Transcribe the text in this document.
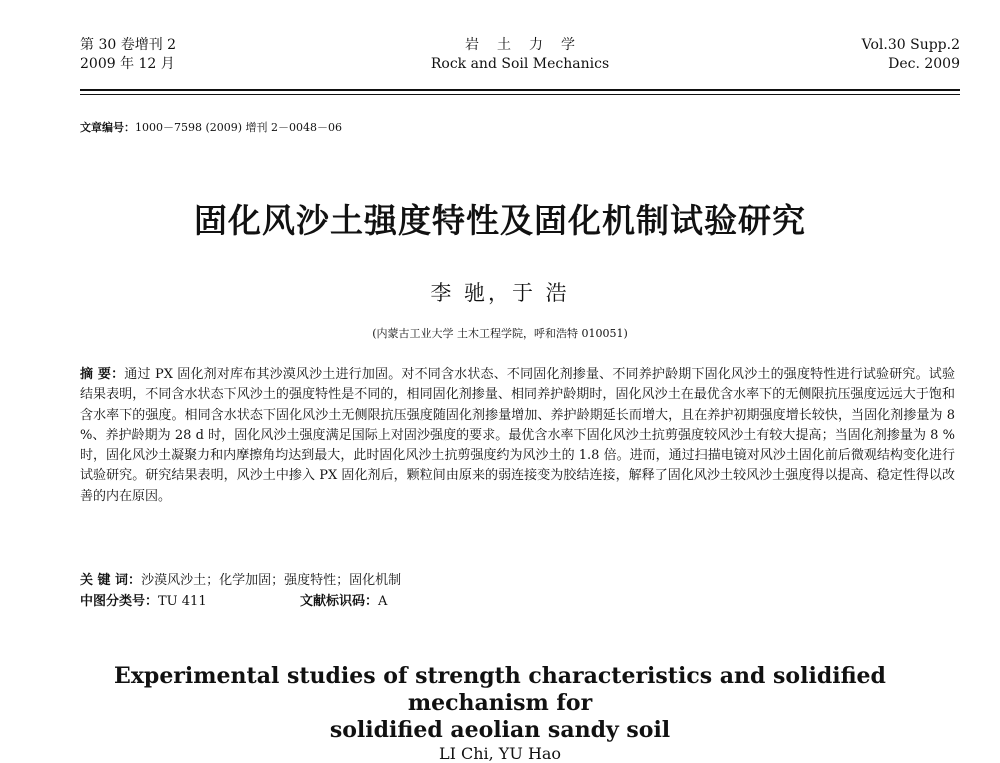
第 30 卷增刊 2
2009 年 12 月
岩土力学
Rock and Soil Mechanics
Vol.30 Supp.2
Dec. 2009
文章编号：1000－7598 (2009) 增刊 2－0048－06
固化风沙土强度特性及固化机制试验研究
李 驰，于 浩
(内蒙古工业大学 土木工程学院，呼和浩特 010051)
摘 要：通过 PX 固化剂对库布其沙漠风沙土进行加固。对不同含水状态、不同固化剂掺量、不同养护龄期下固化风沙土的强度特性进行试验研究。试验结果表明，不同含水状态下风沙土的强度特性是不同的，相同固化剂掺量、相同养护龄期时，固化风沙土在最优含水率下的无侧限抗压强度远远大于饱和含水率下的强度。相同含水状态下固化风沙土无侧限抗压强度随固化剂掺量增加、养护龄期延长而增大，且在养护初期强度增长较快，当固化剂掺量为 8 %、养护龄期为 28 d 时，固化风沙土强度满足国际上对固沙强度的要求。最优含水率下固化风沙土抗剪强度较风沙土有较大提高；当固化剂掺量为 8 %时，固化风沙土凝聚力和内摩擦角均达到最大，此时固化风沙土抗剪强度约为风沙土的 1.8 倍。进而，通过扫描电镜对风沙土固化前后微观结构变化进行试验研究。研究结果表明，风沙土中掺入 PX 固化剂后，颗粒间由原来的弱连接变为胶结连接，解释了固化风沙土较风沙土强度得以提高、稳定性得以改善的内在原因。
关 键 词：沙漠风沙土；化学加固；强度特性；固化机制
中图分类号：TU 411	文献标识码：A
Experimental studies of strength characteristics and solidified mechanism for
solidified aeolian sandy soil
LI Chi, YU Hao
